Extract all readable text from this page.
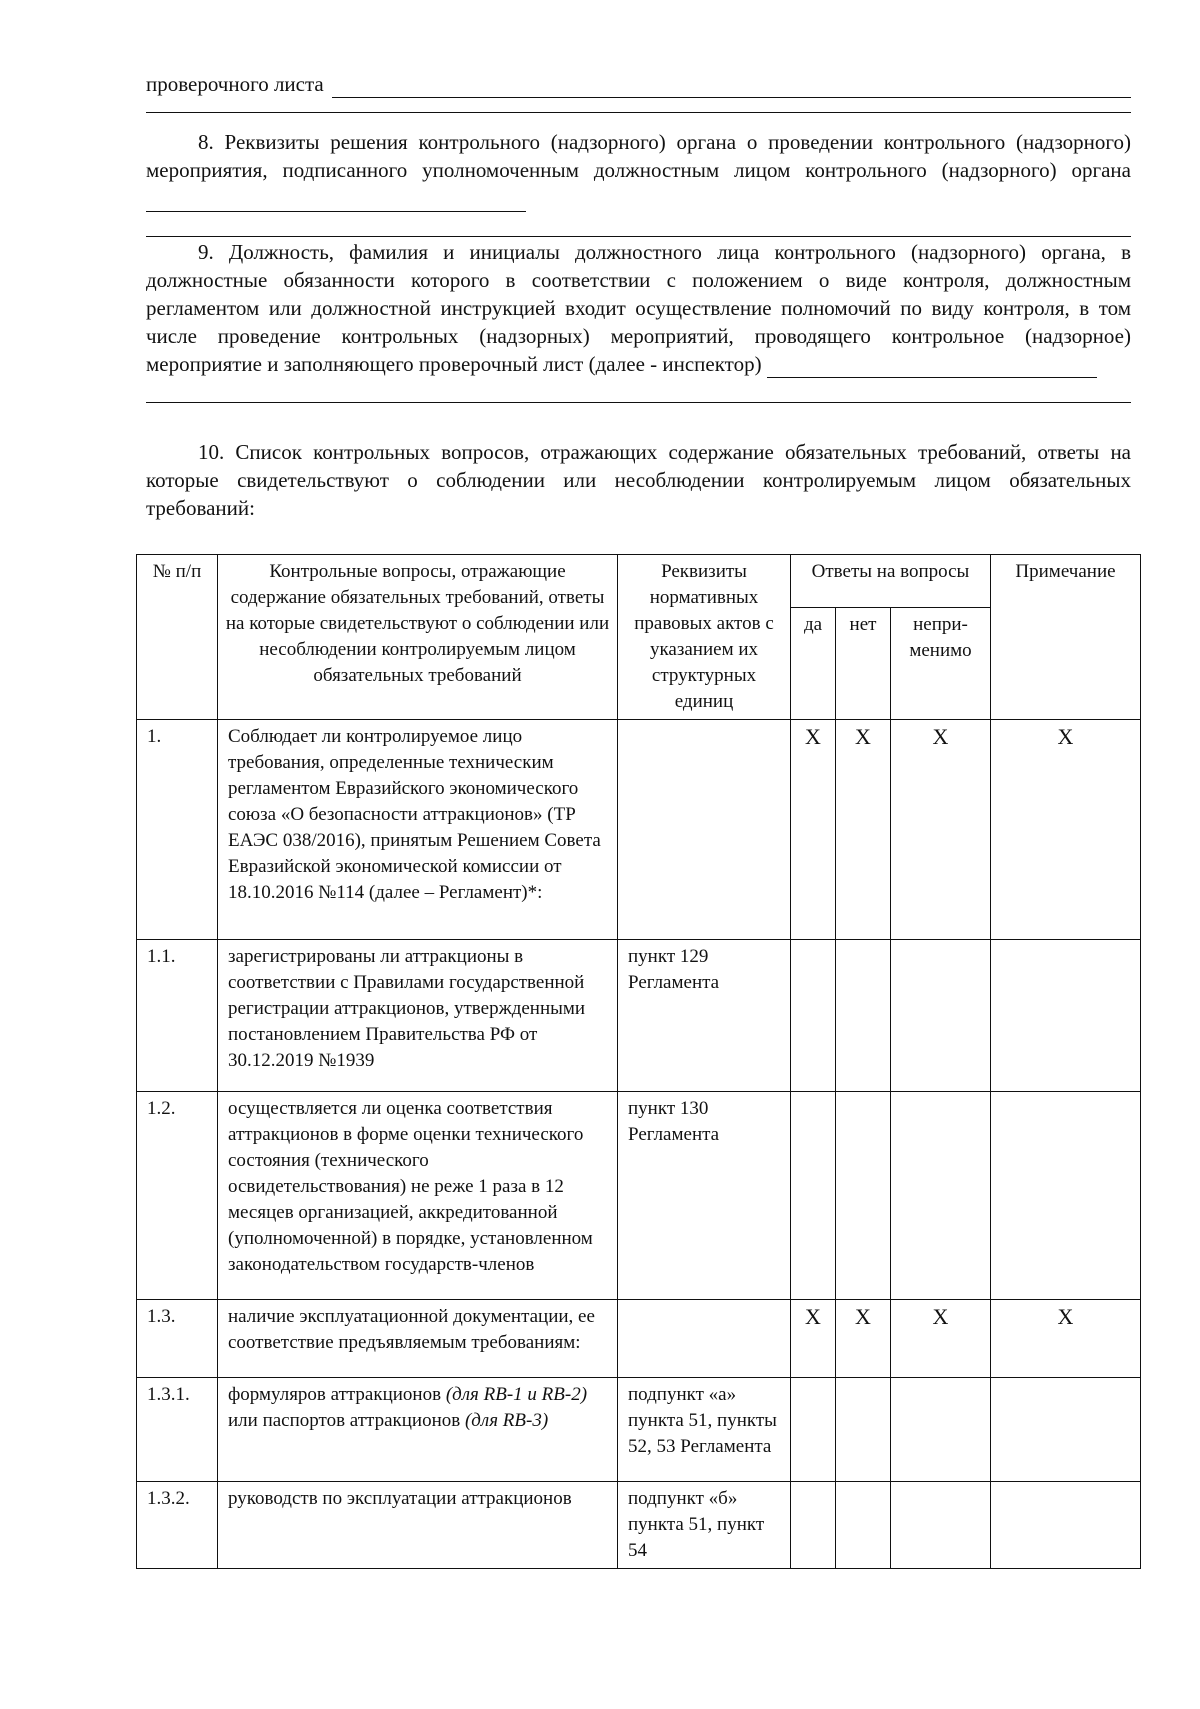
проверочного листа
8. Реквизиты решения контрольного (надзорного) органа о проведении контрольного (надзорного) мероприятия, подписанного уполномоченным должностным лицом контрольного (надзорного) органа
9. Должность, фамилия и инициалы должностного лица контрольного (надзорного) органа, в должностные обязанности которого в соответствии с положением о виде контроля, должностным регламентом или должностной инструкцией входит осуществление полномочий по виду контроля, в том числе проведение контрольных (надзорных) мероприятий, проводящего контрольное (надзорное) мероприятие и заполняющего проверочный лист (далее - инспектор)
10. Список контрольных вопросов, отражающих содержание обязательных требований, ответы на которые свидетельствуют о соблюдении или несоблюдении контролируемым лицом обязательных требований:
№ п/п	Контрольные вопросы, отражающие содержание обязательных требований, ответы на которые свидетельствуют о соблюдении или несоблюдении контролируемым лицом обязательных требований	Реквизиты нормативных правовых актов с указанием их структурных единиц	Ответы на вопросы			Примечание
			да	нет	непри-менимо	
1.	Соблюдает ли контролируемое лицо требования, определенные техническим регламентом Евразийского экономического союза «О безопасности аттракционов» (ТР ЕАЭС 038/2016), принятым Решением Совета Евразийской экономической комиссии от 18.10.2016 №114 (далее – Регламент)*:		X	X	X	X
1.1.	зарегистрированы ли аттракционы в соответствии с Правилами государственной регистрации аттракционов, утвержденными постановлением Правительства РФ от 30.12.2019 №1939	пункт 129 Регламента				
1.2.	осуществляется ли оценка соответствия аттракционов в форме оценки технического состояния (технического освидетельствования) не реже 1 раза в 12 месяцев организацией, аккредитованной (уполномоченной) в порядке, установленном законодательством государств-членов	пункт 130 Регламента				
1.3.	наличие эксплуатационной документации, ее соответствие предъявляемым требованиям:		X	X	X	X
1.3.1.	формуляров аттракционов (для RB-1 и RB-2) или паспортов аттракционов (для RB-3)	подпункт «а» пункта 51, пункты 52, 53 Регламента				
1.3.2.	руководств по эксплуатации аттракционов	подпункт «б» пункта 51, пункт 54				
